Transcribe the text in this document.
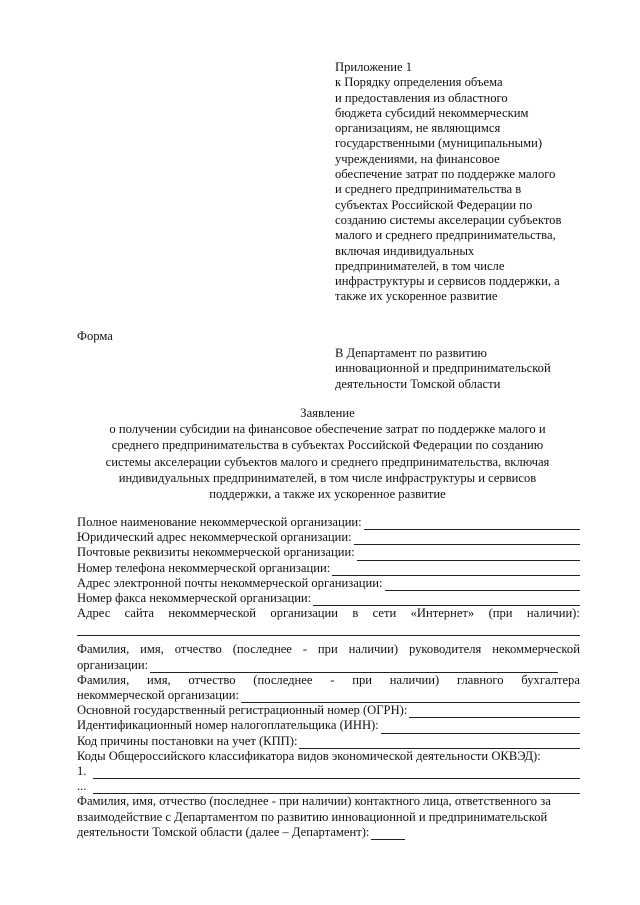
Приложение 1
к Порядку определения объема
и предоставления из областного
бюджета субсидий некоммерческим
организациям, не являющимся
государственными (муниципальными)
учреждениями, на финансовое
обеспечение затрат по поддержке малого
и среднего предпринимательства в
субъектах Российской Федерации по
созданию системы акселерации субъектов
малого и среднего предпринимательства,
включая индивидуальных
предпринимателей, в том числе
инфраструктуры и сервисов поддержки, а
также их ускоренное развитие
Форма
В Департамент по развитию
инновационной и предпринимательской
деятельности Томской области
Заявление
о получении субсидии на финансовое обеспечение затрат по поддержке малого и
среднего предпринимательства в субъектах Российской Федерации по созданию
системы акселерации субъектов малого и среднего предпринимательства, включая
индивидуальных предпринимателей, в том числе инфраструктуры и сервисов
поддержки, а также их ускоренное развитие
Полное наименование некоммерческой организации:
Юридический адрес некоммерческой организации:
Почтовые реквизиты некоммерческой организации:
Номер телефона некоммерческой организации:
Адрес электронной почты некоммерческой организации:
Номер факса некоммерческой организации:
Адрес сайта некоммерческой организации в сети «Интернет» (при наличии):
Фамилия, имя, отчество (последнее - при наличии) руководителя некоммерческой
организации:
Фамилия, имя, отчество (последнее - при наличии) главного бухгалтера
некоммерческой организации:
Основной государственный регистрационный номер (ОГРН):
Идентификационный номер налогоплательщика (ИНН):
Код причины постановки на учет (КПП):
Коды Общероссийского классификатора видов экономической деятельности ОКВЭД):
1.
...
Фамилия, имя, отчество (последнее - при наличии) контактного лица, ответственного за
взаимодействие с Департаментом по развитию инновационной и предпринимательской
деятельности Томской области (далее – Департамент):
